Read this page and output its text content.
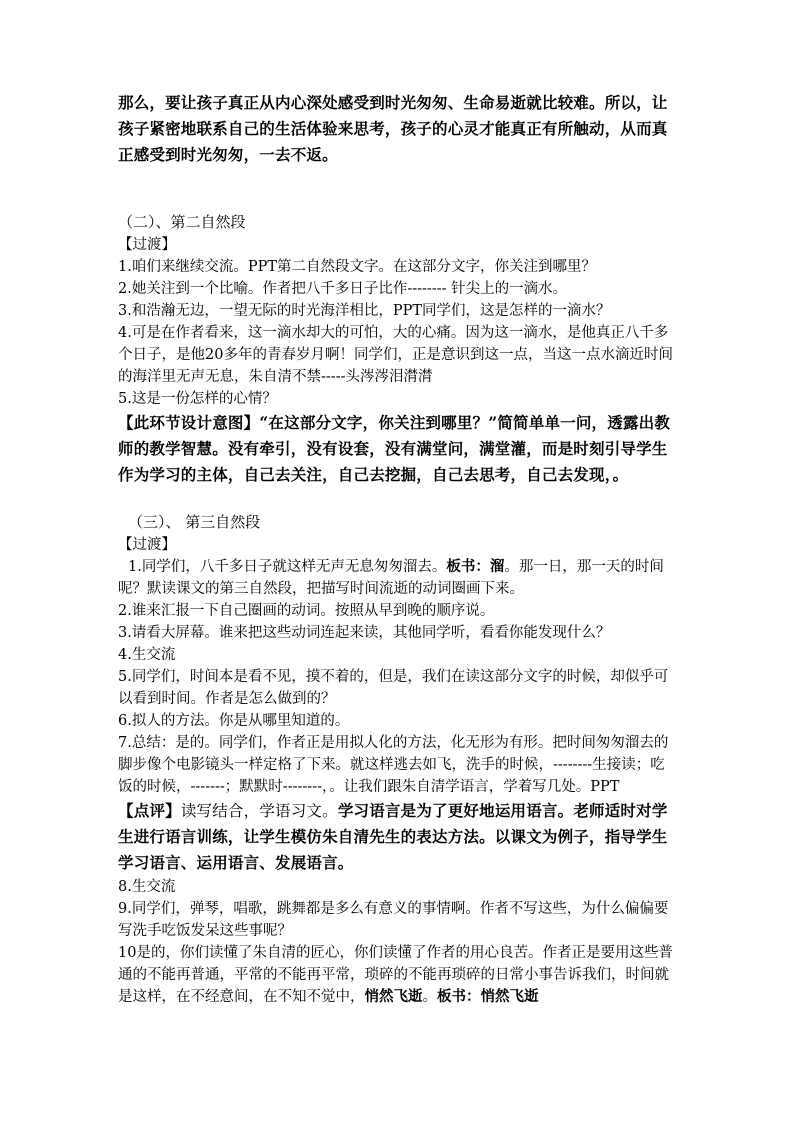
那么，要让孩子真正从内心深处感受到时光匆匆、生命易逝就比较难。所以，让孩子紧密地联系自己的生活体验来思考，孩子的心灵才能真正有所触动，从而真正感受到时光匆匆，一去不返。

（二）、第二自然段

【过渡】

1.咱们来继续交流。PPT第二自然段文字。在这部分文字，你关注到哪里？

2.她关注到一个比喻。作者把八千多日子比作-------- 针尖上的一滴水。

3.和浩瀚无边，一望无际的时光海洋相比，PPT同学们，这是怎样的一滴水？

4.可是在作者看来，这一滴水却大的可怕，大的心痛。因为这一滴水，是他真正八千多个日子，是他20多年的青春岁月啊！同学们，正是意识到这一点，当这一点水滴近时间的海洋里无声无息，朱自清不禁-----头涔涔泪潸潸

5.这是一份怎样的心情？

【此环节设计意图】“在这部分文字，你关注到哪里？”简简单单一问，透露出教师的教学智慧。没有牵引，没有设套，没有满堂问，满堂灌，而是时刻引导学生作为学习的主体，自己去关注，自己去挖掘，自己去思考，自己去发现，。

（三）、 第三自然段

【过渡】

1.同学们，八千多日子就这样无声无息匆匆溜去。板书：溜。那一日，那一天的时间呢？默读课文的第三自然段，把描写时间流逝的动词圈画下来。

2.谁来汇报一下自己圈画的动词。按照从早到晚的顺序说。

3.请看大屏幕。谁来把这些动词连起来读，其他同学听，看看你能发现什么？

4.生交流

5.同学们，时间本是看不见，摸不着的，但是，我们在读这部分文字的时候，却似乎可以看到时间。作者是怎么做到的？

6.拟人的方法。你是从哪里知道的。

7.总结：是的。同学们，作者正是用拟人化的方法，化无形为有形。把时间匆匆溜去的脚步像个电影镜头一样定格了下来。就这样逃去如飞，洗手的时候，--------生接读；吃饭的时候，-------；默默时--------，。让我们跟朱自清学语言，学着写几处。PPT

【点评】读写结合，学语习文。学习语言是为了更好地运用语言。老师适时对学生进行语言训练，让学生模仿朱自清先生的表达方法。以课文为例子，指导学生学习语言、运用语言、发展语言。

8.生交流

9.同学们，弹琴，唱歌，跳舞都是多么有意义的事情啊。作者不写这些，为什么偏偏要写洗手吃饭发呆这些事呢？

10是的，你们读懂了朱自清的匠心，你们读懂了作者的用心良苦。作者正是要用这些普通的不能再普通，平常的不能再平常，琐碎的不能再琐碎的日常小事告诉我们，时间就是这样，在不经意间，在不知不觉中，悄然飞逝。板书：悄然飞逝
